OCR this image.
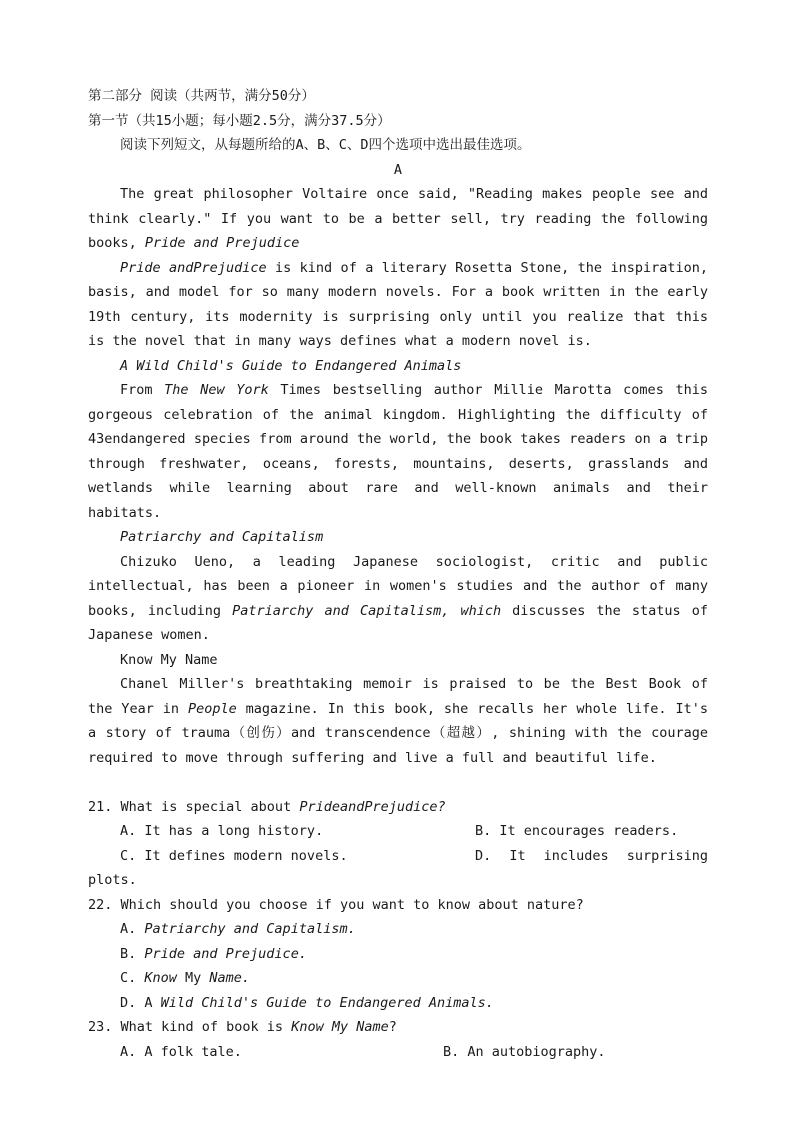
第二部分 阅读（共两节，满分50分）
第一节（共15小题；每小题2.5分，满分37.5分）
阅读下列短文，从每题所给的A、B、C、D四个选项中选出最佳选项。
A
The great philosopher Voltaire once said, "Reading makes people see and think clearly." If you want to be a better sell, try reading the following books, Pride and Prejudice
Pride andPrejudice is kind of a literary Rosetta Stone, the inspiration, basis, and model for so many modern novels. For a book written in the early 19th century, its modernity is surprising only until you realize that this is the novel that in many ways defines what a modern novel is.
A Wild Child's Guide to Endangered Animals
From The New York Times bestselling author Millie Marotta comes this gorgeous celebration of the animal kingdom. Highlighting the difficulty of 43endangered species from around the world, the book takes readers on a trip through freshwater, oceans, forests, mountains, deserts, grasslands and wetlands while learning about rare and well-known animals and their habitats.
Patriarchy and Capitalism
Chizuko Ueno, a leading Japanese sociologist, critic and public intellectual, has been a pioneer in women's studies and the author of many books, including Patriarchy and Capitalism, which discusses the status of Japanese women.
Know My Name
Chanel Miller's breathtaking memoir is praised to be the Best Book of the Year in People magazine. In this book, she recalls her whole life. It's a story of trauma（创伤）and transcendence（超越）, shining with the courage required to move through suffering and live a full and beautiful life.
21. What is special about PrideandPrejudice?
A. It has a long history.	B. It encourages readers.
C. It defines modern novels.	D. It includes surprising
plots.
22. Which should you choose if you want to know about nature?
A. Patriarchy and Capitalism.
B. Pride and Prejudice.
C. Know My Name.
D. A Wild Child's Guide to Endangered Animals.
23. What kind of book is Know My Name?
A. A folk tale.	B. An autobiography.
